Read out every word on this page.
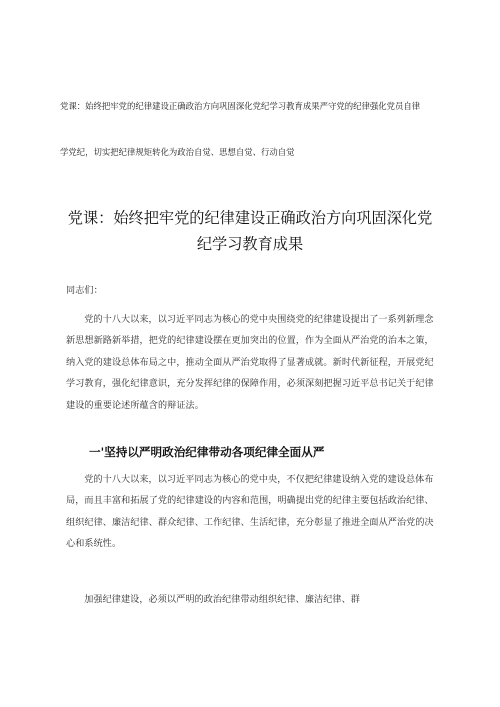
党课：始终把牢党的纪律建设正确政治方向巩固深化党纪学习教育成果严守党的纪律强化党员自律
学党纪，切实把纪律规矩转化为政治自觉、思想自觉、行动自觉
党课：始终把牢党的纪律建设正确政治方向巩固深化党
纪学习教育成果
同志们：
党的十八大以来，以习近平同志为核心的党中央围绕党的纪律建设提出了一系列新理念新思想新路新举措，把党的纪律建设摆在更加突出的位置，作为全面从严治党的治本之策，纳入党的建设总体布局之中，推动全面从严治党取得了显著成就。新时代新征程，开展党纪学习教育，强化纪律意识，充分发挥纪律的保障作用，必须深刻把握习近平总书记关于纪律建设的重要论述所蕴含的辩证法。
一'坚持以严明政治纪律带动各项纪律全面从严
党的十八大以来，以习近平同志为核心的党中央，不仅把纪律建设纳入党的建设总体布局，而且丰富和拓展了党的纪律建设的内容和范围，明确提出党的纪律主要包括政治纪律、组织纪律、廉洁纪律、群众纪律、工作纪律、生活纪律，充分彰显了推进全面从严治党的决心和系统性。
加强纪律建设，必须以严明的政治纪律带动组织纪律、廉洁纪律、群
